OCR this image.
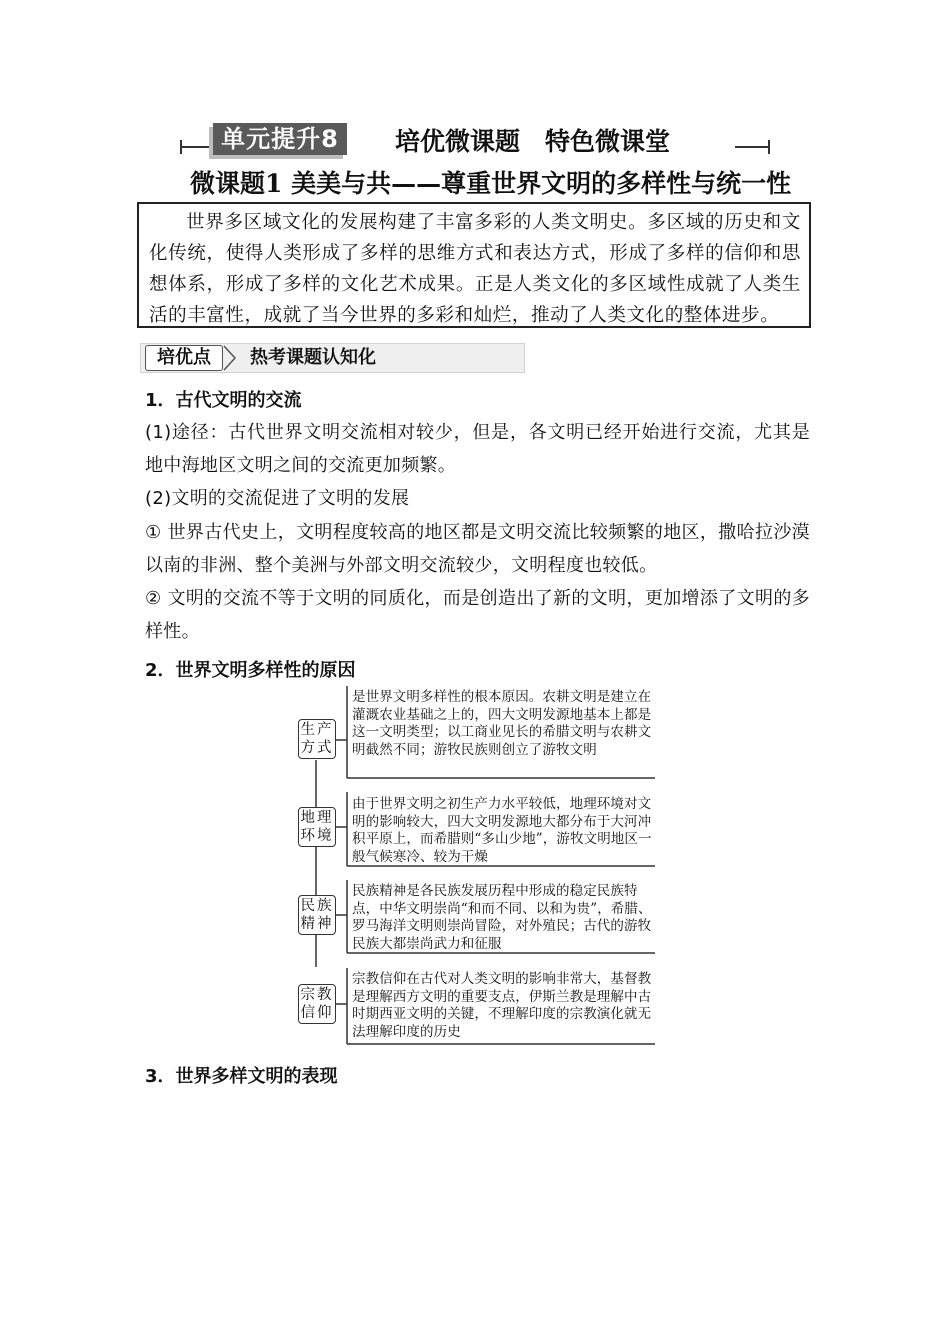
单元提升8	培优微课题　特色微课堂
微课题1 美美与共——尊重世界文明的多样性与统一性
世界多区域文化的发展构建了丰富多彩的人类文明史。多区域的历史和文化传统，使得人类形成了多样的思维方式和表达方式，形成了多样的信仰和思想体系，形成了多样的文化艺术成果。正是人类文化的多区域性成就了人类生活的丰富性，成就了当今世界的多彩和灿烂，推动了人类文化的整体进步。
培优点	热考课题认知化
1．古代文明的交流
(1)途径：古代世界文明交流相对较少，但是，各文明已经开始进行交流，尤其是地中海地区文明之间的交流更加频繁。
(2)文明的交流促进了文明的发展
① 世界古代史上，文明程度较高的地区都是文明交流比较频繁的地区，撒哈拉沙漠以南的非洲、整个美洲与外部文明交流较少，文明程度也较低。
② 文明的交流不等于文明的同质化，而是创造出了新的文明，更加增添了文明的多样性。
2．世界文明多样性的原因
生产
方式
地理
环境
民族
精神
宗教
信仰
是世界文明多样性的根本原因。农耕文明是建立在灌溉农业基础之上的，四大文明发源地基本上都是这一文明类型；以工商业见长的希腊文明与农耕文明截然不同；游牧民族则创立了游牧文明
由于世界文明之初生产力水平较低，地理环境对文明的影响较大，四大文明发源地大都分布于大河冲积平原上，而希腊则“多山少地”，游牧文明地区一般气候寒冷、较为干燥
民族精神是各民族发展历程中形成的稳定民族特点，中华文明崇尚“和而不同、以和为贵”，希腊、罗马海洋文明则崇尚冒险，对外殖民；古代的游牧民族大都崇尚武力和征服
宗教信仰在古代对人类文明的影响非常大，基督教是理解西方文明的重要支点，伊斯兰教是理解中古时期西亚文明的关键，不理解印度的宗教演化就无法理解印度的历史
3．世界多样文明的表现
